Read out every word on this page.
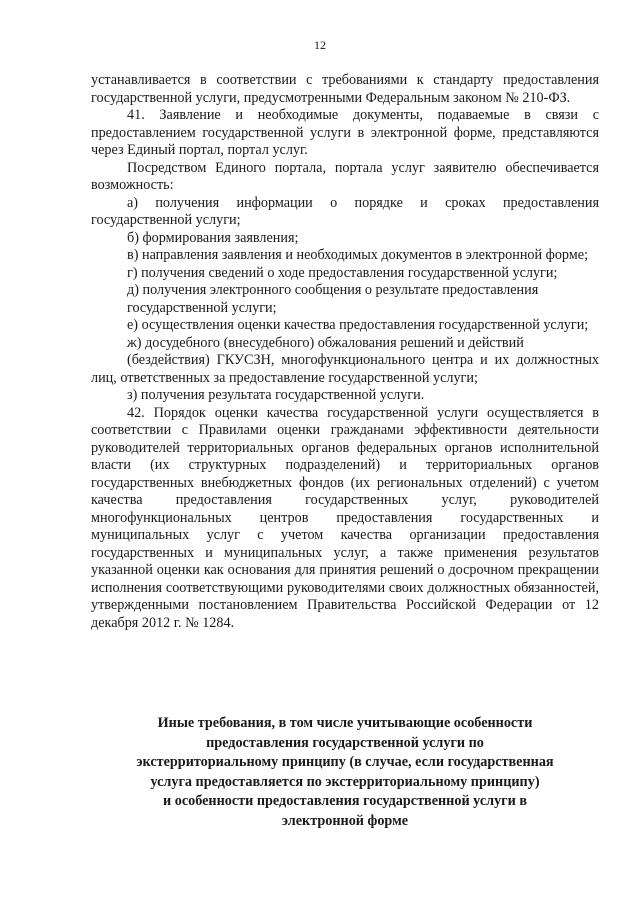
12

устанавливается в соответствии с требованиями к стандарту предоставления государственной услуги, предусмотренными Федеральным законом № 210-ФЗ.

41. Заявление и необходимые документы, подаваемые в связи с предоставлением государственной услуги в электронной форме, представляются через Единый портал, портал услуг.

Посредством Единого портала, портала услуг заявителю обеспечивается возможность:

а) получения информации о порядке и сроках предоставления государственной услуги;

б) формирования заявления;

в) направления заявления и необходимых документов в электронной форме;

г) получения сведений о ходе предоставления государственной услуги;

д) получения электронного сообщения о результате предоставления

государственной услуги;

е) осуществления оценки качества предоставления государственной услуги;

ж) досудебного (внесудебного) обжалования решений и действий

(бездействия) ГКУСЗН, многофункционального центра и их должностных лиц, ответственных за предоставление государственной услуги;

з) получения результата государственной услуги.

42. Порядок оценки качества государственной услуги осуществляется в соответствии с Правилами оценки гражданами эффективности деятельности руководителей территориальных органов федеральных органов исполнительной власти (их структурных подразделений) и территориальных органов государственных внебюджетных фондов (их региональных отделений) с учетом качества предоставления государственных услуг, руководителей многофункциональных центров предоставления государственных и муниципальных услуг с учетом качества организации предоставления государственных и муниципальных услуг, а также применения результатов указанной оценки как основания для принятия решений о досрочном прекращении исполнения соответствующими руководителями своих должностных обязанностей, утвержденными постановлением Правительства Российской Федерации от 12 декабря 2012 г. № 1284.

Иные требования, в том числе учитывающие особенности
предоставления государственной услуги по
экстерриториальному принципу (в случае, если государственная
услуга предоставляется по экстерриториальному принципу)
и особенности предоставления государственной услуги в
электронной форме
